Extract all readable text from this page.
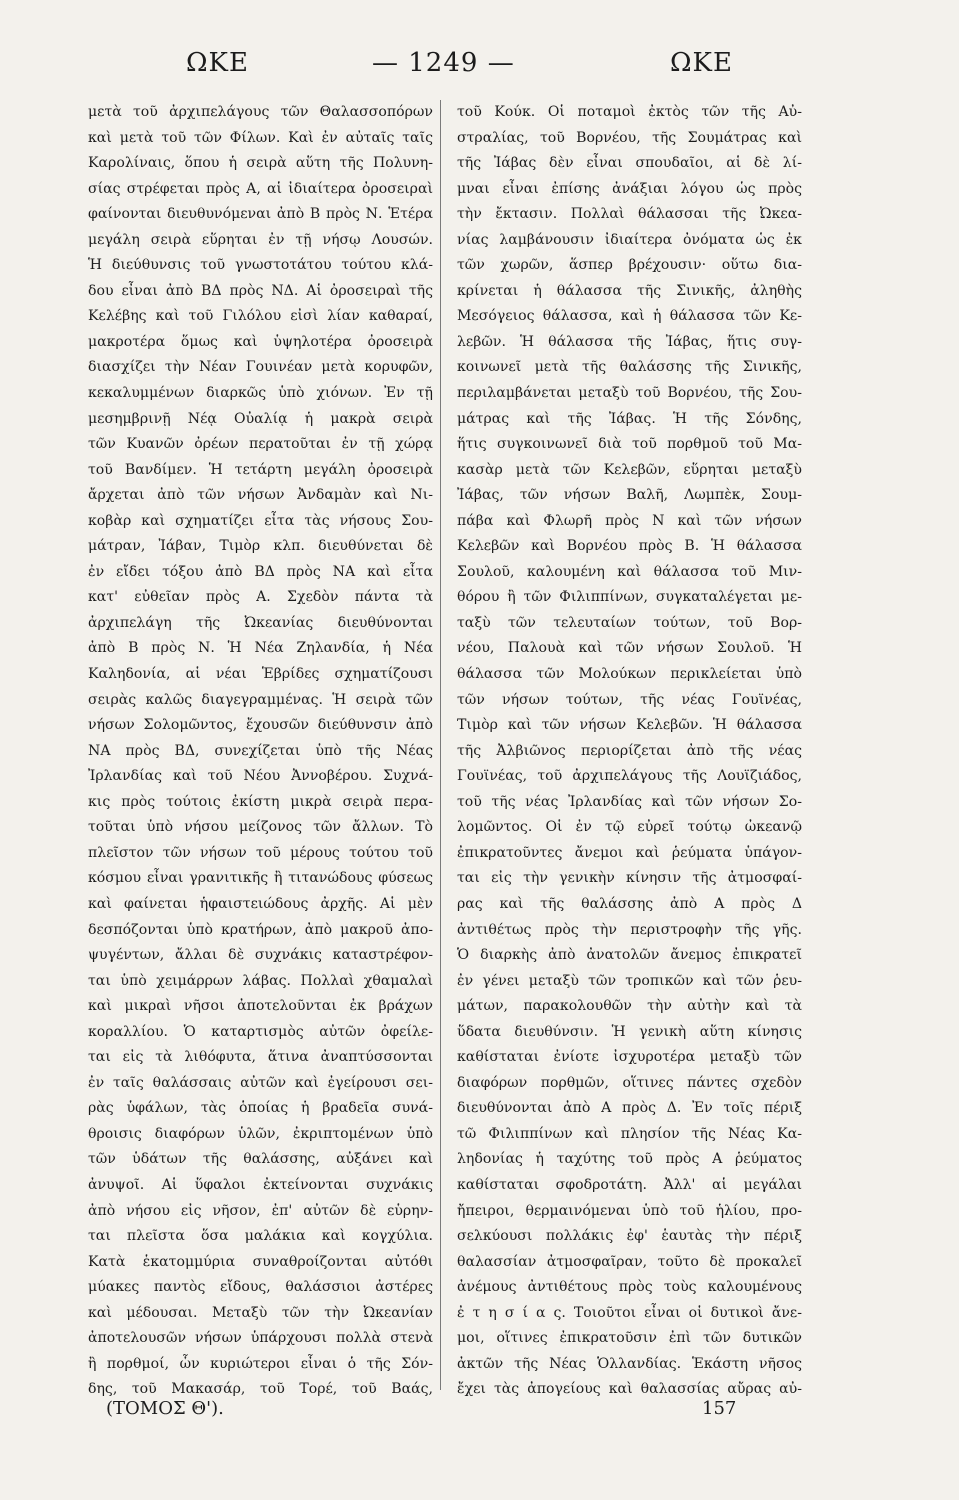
ΩΚΕ	— 1249 —	ΩΚΕ
μετὰ τοῦ ἀρχιπελάγους τῶν Θαλασσοπόρων
καὶ μετὰ τοῦ τῶν Φίλων. Καὶ ἐν αὐταῖς ταῖς
Καρολίναις, ὅπου ἡ σειρὰ αὕτη τῆς Πολυνη-
σίας στρέφεται πρὸς Α, αἱ ἰδιαίτερα ὀροσειραὶ
φαίνονται διευθυνόμεναι ἀπὸ Β πρὸς Ν. Ἑτέρα
μεγάλη σειρὰ εὕρηται ἐν τῇ νήσῳ Λουσών.
Ἡ διεύθυνσις τοῦ γνωστοτάτου τούτου κλά-
δου εἶναι ἀπὸ ΒΔ πρὸς ΝΔ. Αἱ ὀροσειραὶ τῆς
Κελέβης καὶ τοῦ Γιλόλου εἰσὶ λίαν καθαραί,
μακροτέρα ὅμως καὶ ὑψηλοτέρα ὀροσειρὰ
διασχίζει τὴν Νέαν Γουινέαν μετὰ κορυφῶν,
κεκαλυμμένων διαρκῶς ὑπὸ χιόνων. Ἐν τῇ
μεσημβρινῇ Νέᾳ Οὐαλίᾳ ἡ μακρὰ σειρὰ
τῶν Κυανῶν ὀρέων περατοῦται ἐν τῇ χώρᾳ
τοῦ Βανδίμεν. Ἡ τετάρτη μεγάλη ὀροσειρὰ
ἄρχεται ἀπὸ τῶν νήσων Ἀνδαμὰν καὶ Νι-
κοβὰρ καὶ σχηματίζει εἶτα τὰς νήσους Σου-
μάτραν, Ἰάβαν, Τιμὸρ κλπ. διευθύνεται δὲ
ἐν εἴδει τόξου ἀπὸ ΒΔ πρὸς ΝΑ καὶ εἶτα
κατ' εὐθεῖαν πρὸς Α. Σχεδὸν πάντα τὰ
ἀρχιπελάγη τῆς Ὠκεανίας διευθύνονται
ἀπὸ Β πρὸς Ν. Ἡ Νέα Ζηλανδία, ἡ Νέα
Καληδονία, αἱ νέαι Ἑβρίδες σχηματίζουσι
σειρὰς καλῶς διαγεγραμμένας. Ἡ σειρὰ τῶν
νήσων Σολομῶντος, ἔχουσῶν διεύθυνσιν ἀπὸ
ΝΑ πρὸς ΒΔ, συνεχίζεται ὑπὸ τῆς Νέας
Ἰρλανδίας καὶ τοῦ Νέου Ἀννοβέρου. Συχνά-
κις πρὸς τούτοις ἐκίστη μικρὰ σειρὰ περα-
τοῦται ὑπὸ νήσου μείζονος τῶν ἄλλων. Τὸ
πλεῖστον τῶν νήσων τοῦ μέρους τούτου τοῦ
κόσμου εἶναι γρανιτικῆς ἢ τιτανώδους φύσεως
καὶ φαίνεται ἡφαιστειώδους ἀρχῆς. Αἱ μὲν
δεσπόζονται ὑπὸ κρατήρων, ἀπὸ μακροῦ ἀπο-
ψυγέντων, ἄλλαι δὲ συχνάκις καταστρέφον-
ται ὑπὸ χειμάρρων λάβας. Πολλαὶ χθαμαλαὶ
καὶ μικραὶ νῆσοι ἀποτελοῦνται ἐκ βράχων
κοραλλίου. Ὁ καταρτισμὸς αὐτῶν ὀφείλε-
ται εἰς τὰ λιθόφυτα, ἅτινα ἀναπτύσσονται
ἐν ταῖς θαλάσσαις αὐτῶν καὶ ἐγείρουσι σει-
ρὰς ὑφάλων, τὰς ὁποίας ἡ βραδεῖα συνά-
θροισις διαφόρων ὑλῶν, ἐκριπτομένων ὑπὸ
τῶν ὑδάτων τῆς θαλάσσης, αὐξάνει καὶ
ἀνυψοῖ. Αἱ ὕφαλοι ἐκτείνονται συχνάκις
ἀπὸ νήσου εἰς νῆσον, ἐπ' αὐτῶν δὲ εὑρην-
ται πλεῖστα ὅσα μαλάκια καὶ κογχύλια.
Κατὰ ἑκατομμύρια συναθροίζονται αὐτόθι
μύακες παντὸς εἴδους, θαλάσσιοι ἀστέρες
καὶ μέδουσαι. Μεταξὺ τῶν τὴν Ὠκεανίαν
ἀποτελουσῶν νήσων ὑπάρχουσι πολλὰ στενὰ
ἢ πορθμοί, ὧν κυριώτεροι εἶναι ὁ τῆς Σόν-
δης, τοῦ Μακασάρ, τοῦ Τορέ, τοῦ Βαάς,
τοῦ Κούκ. Οἱ ποταμοὶ ἐκτὸς τῶν τῆς Αὐ-
στραλίας, τοῦ Βορνέου, τῆς Σουμάτρας καὶ
τῆς Ἰάβας δὲν εἶναι σπουδαῖοι, αἱ δὲ λί-
μναι εἶναι ἐπίσης ἀνάξιαι λόγου ὡς πρὸς
τὴν ἔκτασιν. Πολλαὶ θάλασσαι τῆς Ὠκεα-
νίας λαμβάνουσιν ἰδιαίτερα ὀνόματα ὡς ἐκ
τῶν χωρῶν, ἅσπερ βρέχουσιν· οὕτω δια-
κρίνεται ἡ θάλασσα τῆς Σινικῆς, ἀληθὴς
Μεσόγειος θάλασσα, καὶ ἡ θάλασσα τῶν Κε-
λεβῶν. Ἡ θάλασσα τῆς Ἰάβας, ἥτις συγ-
κοινωνεῖ μετὰ τῆς θαλάσσης τῆς Σινικῆς,
περιλαμβάνεται μεταξὺ τοῦ Βορνέου, τῆς Σου-
μάτρας καὶ τῆς Ἰάβας. Ἡ τῆς Σόνδης,
ἥτις συγκοινωνεῖ διὰ τοῦ πορθμοῦ τοῦ Μα-
κασὰρ μετὰ τῶν Κελεβῶν, εὕρηται μεταξὺ
Ἰάβας, τῶν νήσων Βαλῆ, Λωμπὲκ, Σουμ-
πάβα καὶ Φλωρῆ πρὸς Ν καὶ τῶν νήσων
Κελεβῶν καὶ Βορνέου πρὸς Β. Ἡ θάλασσα
Σουλοῦ, καλουμένη καὶ θάλασσα τοῦ Μιν-
θόρου ἢ τῶν Φιλιππίνων, συγκαταλέγεται με-
ταξὺ τῶν τελευταίων τούτων, τοῦ Βορ-
νέου, Παλουὰ καὶ τῶν νήσων Σουλοῦ. Ἡ
θάλασσα τῶν Μολούκων περικλείεται ὑπὸ
τῶν νήσων τούτων, τῆς νέας Γουϊνέας,
Τιμὸρ καὶ τῶν νήσων Κελεβῶν. Ἡ θάλασσα
τῆς Ἀλβιῶνος περιορίζεται ἀπὸ τῆς νέας
Γουϊνέας, τοῦ ἀρχιπελάγους τῆς Λουϊζιάδος,
τοῦ τῆς νέας Ἰρλανδίας καὶ τῶν νήσων Σο-
λομῶντος. Οἱ ἐν τῷ εὐρεῖ τούτῳ ὠκεανῷ
ἐπικρατοῦντες ἄνεμοι καὶ ῥεύματα ὑπάγον-
ται εἰς τὴν γενικὴν κίνησιν τῆς ἀτμοσφαί-
ρας καὶ τῆς θαλάσσης ἀπὸ Α πρὸς Δ
ἀντιθέτως πρὸς τὴν περιστροφὴν τῆς γῆς.
Ὁ διαρκὴς ἀπὸ ἀνατολῶν ἄνεμος ἐπικρατεῖ
ἐν γένει μεταξὺ τῶν τροπικῶν καὶ τῶν ῥευ-
μάτων, παρακολουθῶν τὴν αὐτὴν καὶ τὰ
ὕδατα διευθύνσιν. Ἡ γενικὴ αὕτη κίνησις
καθίσταται ἐνίοτε ἰσχυροτέρα μεταξὺ τῶν
διαφόρων πορθμῶν, οἵτινες πάντες σχεδὸν
διευθύνονται ἀπὸ Α πρὸς Δ. Ἐν τοῖς πέριξ
τῶ Φιλιππίνων καὶ πλησίον τῆς Νέας Κα-
ληδονίας ἡ ταχύτης τοῦ πρὸς Α ῥεύματος
καθίσταται σφοδροτάτη. Ἀλλ' αἱ μεγάλαι
ἤπειροι, θερμαινόμεναι ὑπὸ τοῦ ἡλίου, προ-
σελκύουσι πολλάκις ἐφ' ἑαυτὰς τὴν πέριξ
θαλασσίαν ἀτμοσφαῖραν, τοῦτο δὲ προκαλεῖ
ἀνέμους ἀντιθέτους πρὸς τοὺς καλουμένους
ἐ τ η σ ί α ς. Τοιοῦτοι εἶναι οἱ δυτικοὶ ἄνε-
μοι, οἵτινες ἐπικρατοῦσιν ἐπὶ τῶν δυτικῶν
ἀκτῶν τῆς Νέας Ὁλλανδίας. Ἑκάστη νῆσος
ἔχει τὰς ἀπογείους καὶ θαλασσίας αὔρας αὐ-
(ΤΟΜΟΣ Θ').	157
